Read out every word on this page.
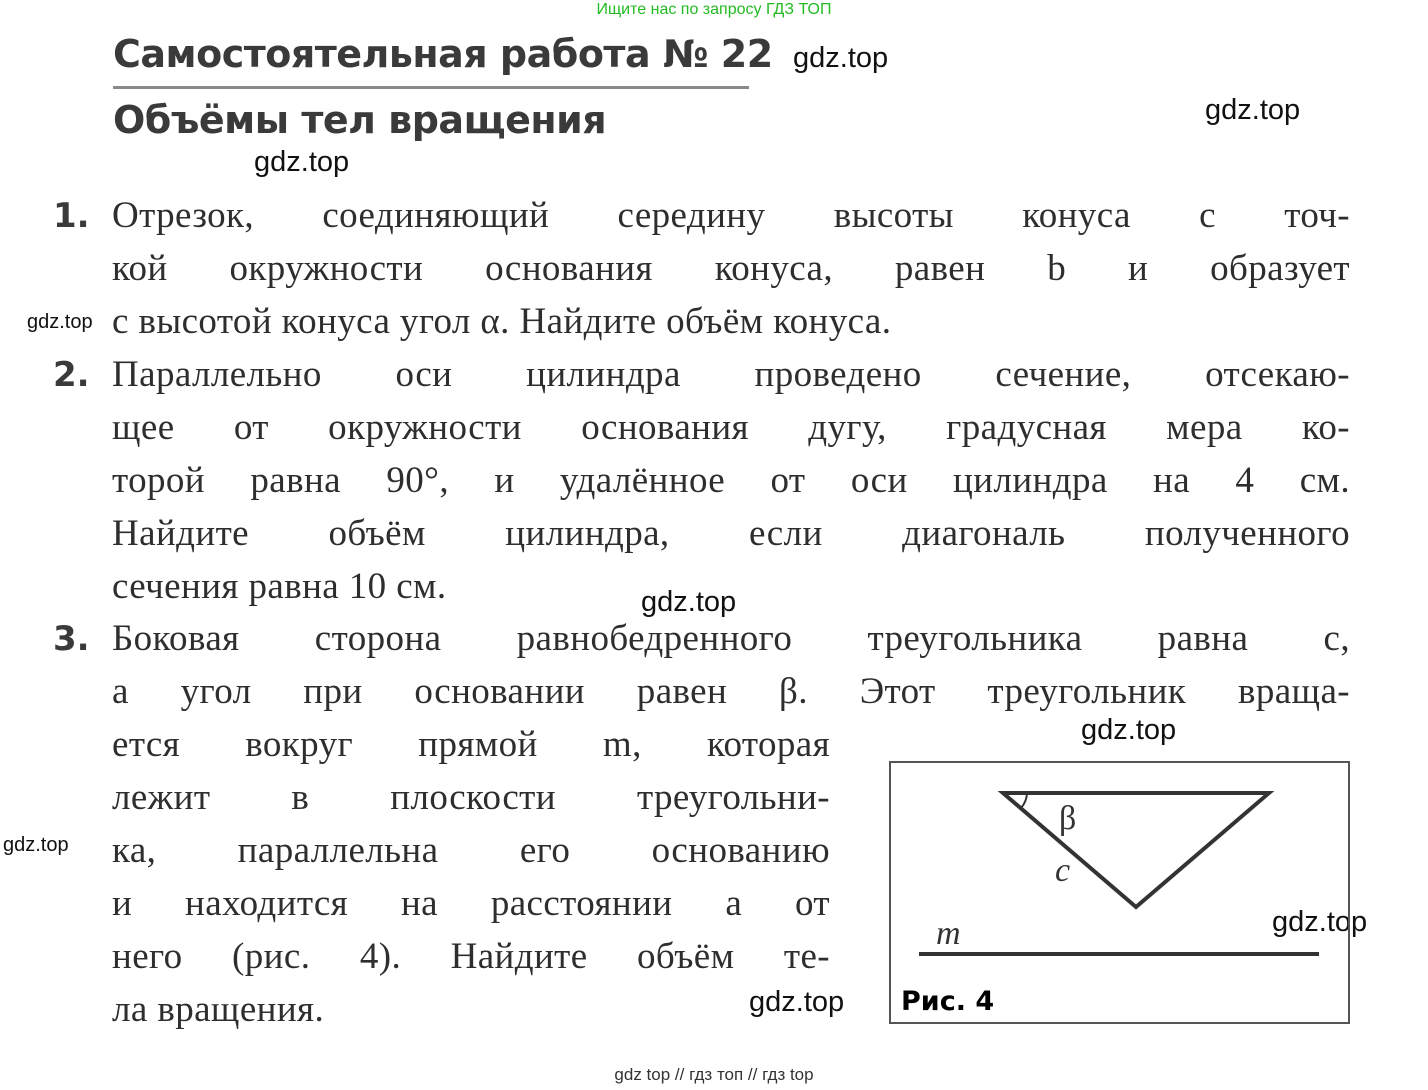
Ищите нас по запросу ГДЗ ТОП
Самостоятельная работа № 22
Объёмы тел вращения
gdz.top
gdz.top
gdz.top
gdz.top
gdz.top
gdz.top
gdz.top
gdz.top
gdz.top
1. Отрезок, соединяющий середину высоты конуса с точ-
кой окружности основания конуса, равен b и образует
с высотой конуса угол α. Найдите объём конуса.
2. Параллельно оси цилиндра проведено сечение, отсекаю-
щее от окружности основания дугу, градусная мера ко-
торой равна 90°, и удалённое от оси цилиндра на 4 см.
Найдите объём цилиндра, если диагональ полученного
сечения равна 10 см.
3. Боковая сторона равнобедренного треугольника равна c,
а угол при основании равен β. Этот треугольник враща-
ется вокруг прямой m, которая
лежит в плоскости треугольни-
ка, параллельна его основанию
и находится на расстоянии a от
него (рис. 4). Найдите объём те-
ла вращения.
β
c
m
Рис. 4
gdz top // гдз топ // гдз top
